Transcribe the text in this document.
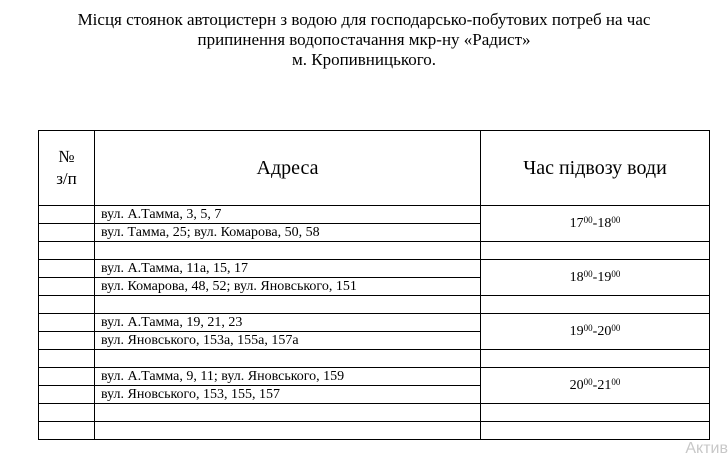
Місця стоянок автоцистерн з водою для господарсько-побутових потреб на час
припинення водопостачання мкр-ну «Радист»
м. Кропивницького.
№
з/п	Адреса	Час підвозу води
	вул. А.Тамма, 3, 5, 7	$17^{00}-18^{00}$
	вул. Тамма, 25; вул. Комарова, 50, 58	

	вул. А.Тамма, 11а, 15, 17	$18^{00}-19^{00}$
	вул. Комарова, 48, 52; вул. Яновського, 151	

	вул. А.Тамма, 19, 21, 23	$19^{00}-20^{00}$
	вул. Яновського, 153а, 155а, 157а	

	вул. А.Тамма, 9, 11; вул. Яновського, 159	$20^{00}-21^{00}$
	вул. Яновського, 153, 155, 157	

Актив
